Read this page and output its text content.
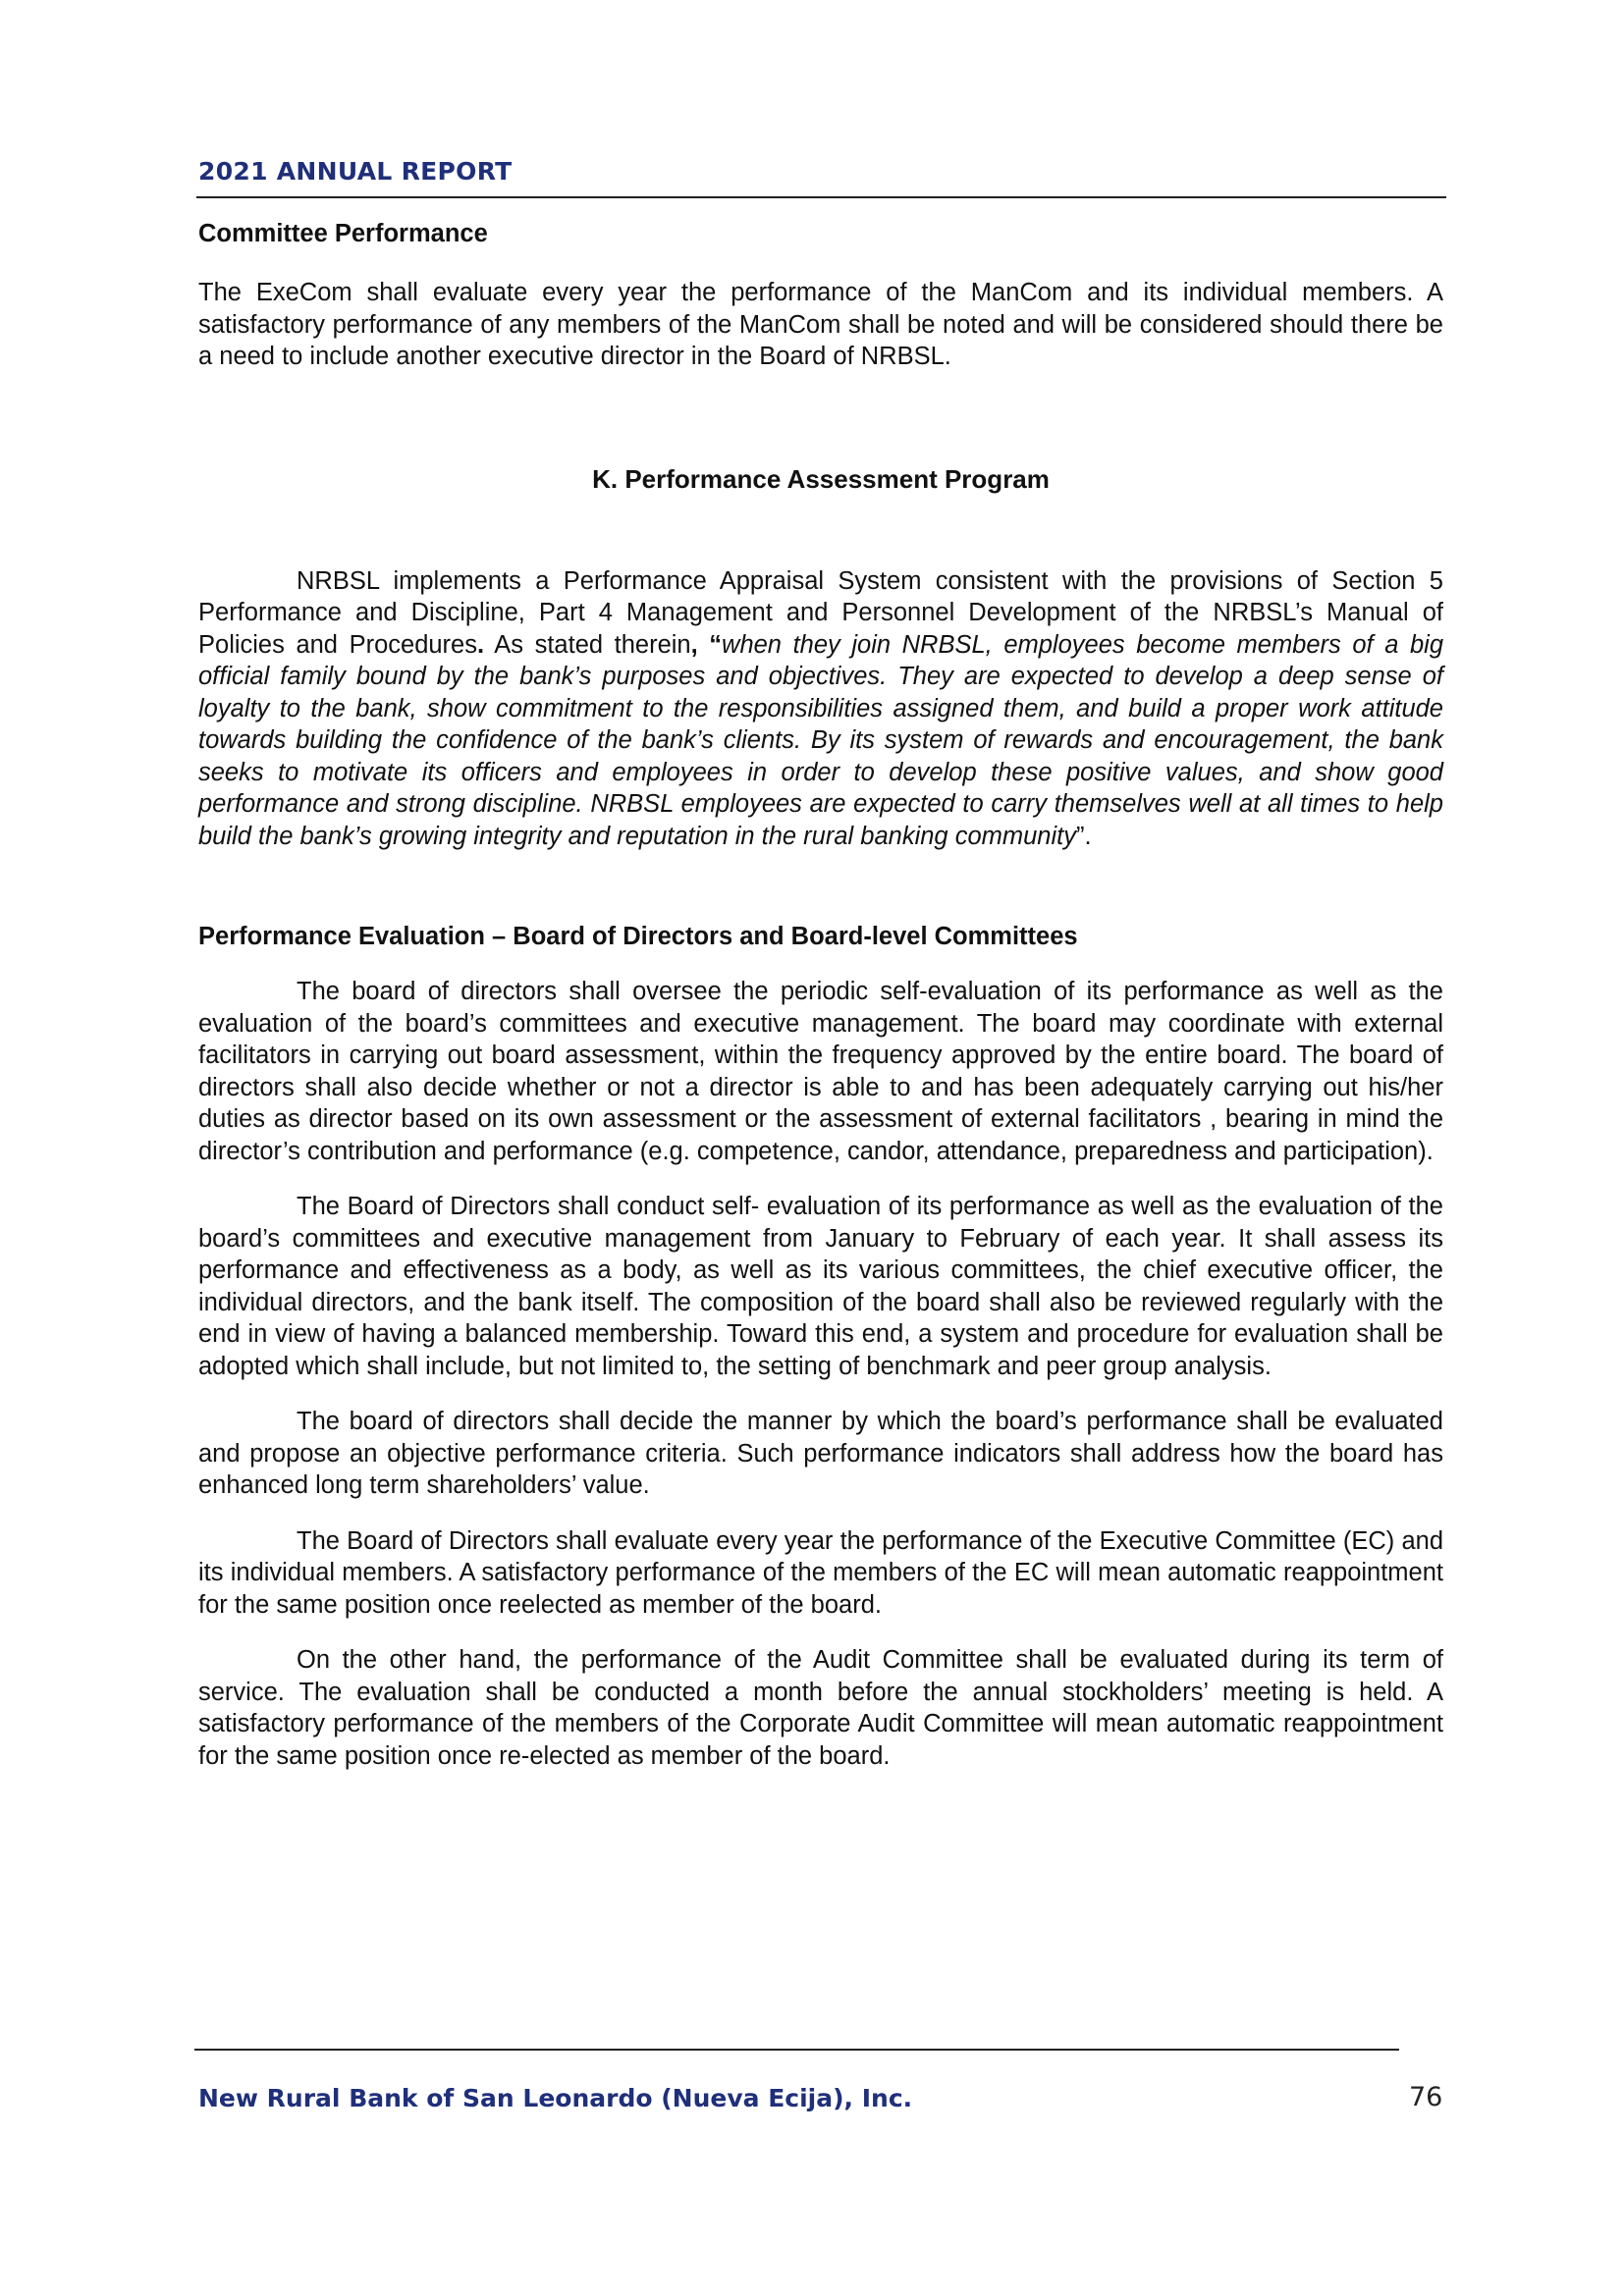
2021 ANNUAL REPORT
Committee Performance

The ExeCom shall evaluate every year the performance of the ManCom and its individual members. A satisfactory performance of any members of the ManCom shall be noted and will be considered should there be a need to include another executive director in the Board of NRBSL.

K. Performance Assessment Program

NRBSL implements a Performance Appraisal System consistent with the provisions of Section 5 Performance and Discipline, Part 4 Management and Personnel Development of the NRBSL’s Manual of Policies and Procedures. As stated therein, “when they join NRBSL, employees become members of a big official family bound by the bank’s purposes and objectives. They are expected to develop a deep sense of loyalty to the bank, show commitment to the responsibilities assigned them, and build a proper work attitude towards building the confidence of the bank’s clients. By its system of rewards and encouragement, the bank seeks to motivate its officers and employees in order to develop these positive values, and show good performance and strong discipline. NRBSL employees are expected to carry themselves well at all times to help build the bank’s growing integrity and reputation in the rural banking community”.

Performance Evaluation – Board of Directors and Board-level Committees

The board of directors shall oversee the periodic self-evaluation of its performance as well as the evaluation of the board’s committees and executive management. The board may coordinate with external facilitators in carrying out board assessment, within the frequency approved by the entire board. The board of directors shall also decide whether or not a director is able to and has been adequately carrying out his/her duties as director based on its own assessment or the assessment of external facilitators , bearing in mind the director’s contribution and performance (e.g. competence, candor, attendance, preparedness and participation).

The Board of Directors shall conduct self- evaluation of its performance as well as the evaluation of the board’s committees and executive management from January to February of each year. It shall assess its performance and effectiveness as a body, as well as its various committees, the chief executive officer, the individual directors, and the bank itself. The composition of the board shall also be reviewed regularly with the end in view of having a balanced membership. Toward this end, a system and procedure for evaluation shall be adopted which shall include, but not limited to, the setting of benchmark and peer group analysis.

The board of directors shall decide the manner by which the board’s performance shall be evaluated and propose an objective performance criteria. Such performance indicators shall address how the board has enhanced long term shareholders’ value.

The Board of Directors shall evaluate every year the performance of the Executive Committee (EC) and its individual members. A satisfactory performance of the members of the EC will mean automatic reappointment for the same position once reelected as member of the board.

On the other hand, the performance of the Audit Committee shall be evaluated during its term of service. The evaluation shall be conducted a month before the annual stockholders’ meeting is held. A satisfactory performance of the members of the Corporate Audit Committee will mean automatic reappointment for the same position once re-elected as member of the board.

New Rural Bank of San Leonardo (Nueva Ecija), Inc.	76
